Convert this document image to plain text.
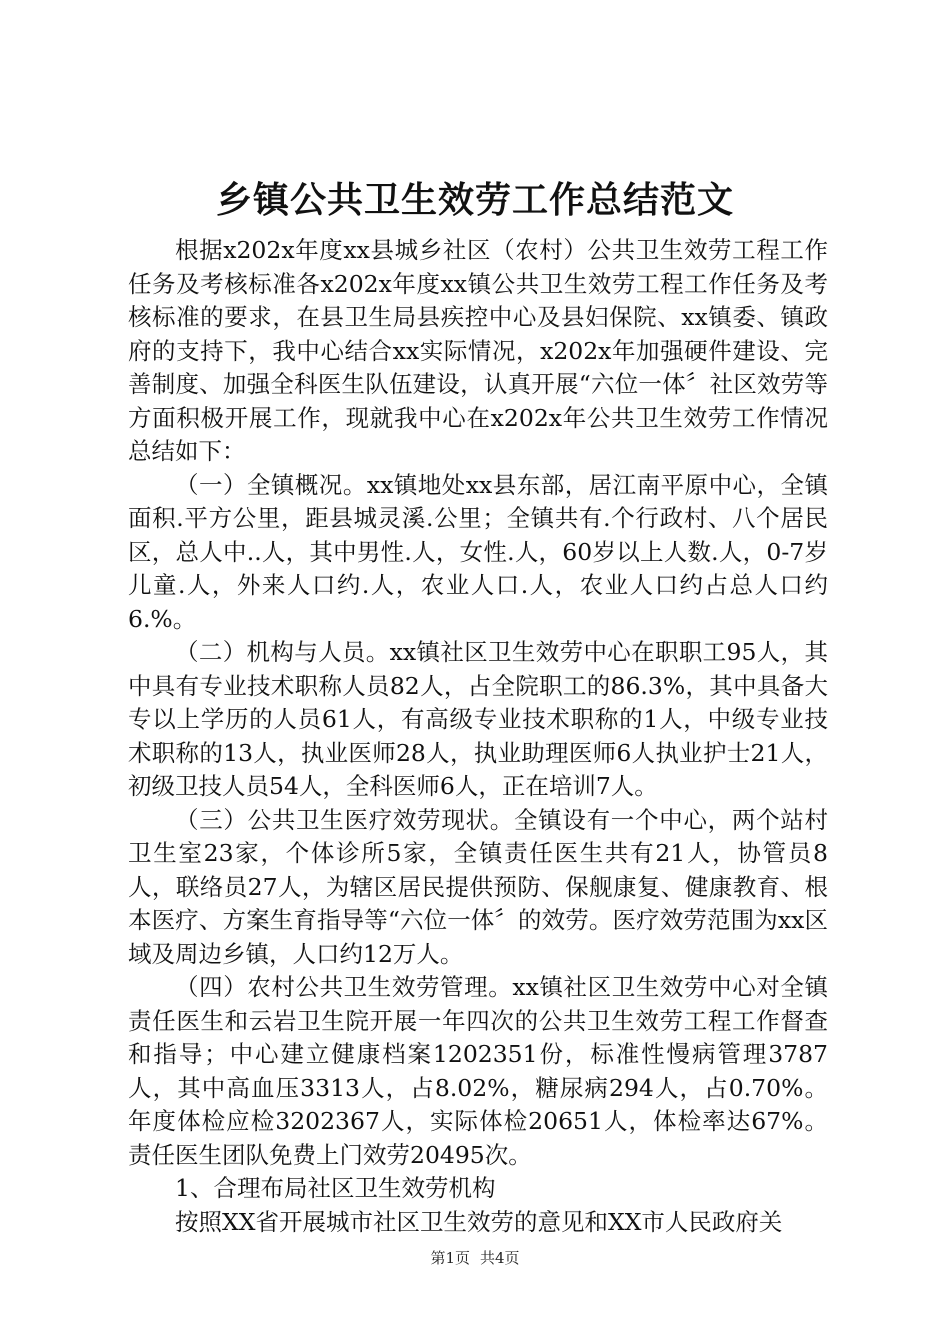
乡镇公共卫生效劳工作总结范文

根据x202x年度xx县城乡社区（农村）公共卫生效劳工程工作任务及考核标准各x202x年度xx镇公共卫生效劳工程工作任务及考核标准的要求，在县卫生局县疾控中心及县妇保院、xx镇委、镇政府的支持下，我中心结合xx实际情况，x202x年加强硬件建设、完善制度、加强全科医生队伍建设，认真开展“六位一体〞社区效劳等方面积极开展工作，现就我中心在x202x年公共卫生效劳工作情况总结如下：

（一）全镇概况。xx镇地处xx县东部，居江南平原中心，全镇面积.平方公里，距县城灵溪.公里；全镇共有.个行政村、八个居民区，总人中..人，其中男性.人，女性.人，60岁以上人数.人，0-7岁儿童.人，外来人口约.人，农业人口.人，农业人口约占总人口约6.%。

（二）机构与人员。xx镇社区卫生效劳中心在职职工95人，其中具有专业技术职称人员82人，占全院职工的86.3%，其中具备大专以上学历的人员61人，有高级专业技术职称的1人，中级专业技术职称的13人，执业医师28人，执业助理医师6人执业护士21人，初级卫技人员54人，全科医师6人，正在培训7人。

（三）公共卫生医疗效劳现状。全镇设有一个中心，两个站村卫生室23家，个体诊所5家，全镇责任医生共有21人，协管员8人，联络员27人，为辖区居民提供预防、保舰康复、健康教育、根本医疗、方案生育指导等“六位一体〞的效劳。医疗效劳范围为xx区域及周边乡镇，人口约12万人。

（四）农村公共卫生效劳管理。xx镇社区卫生效劳中心对全镇责任医生和云岩卫生院开展一年四次的公共卫生效劳工程工作督查和指导；中心建立健康档案1202351份，标准性慢病管理3787人，其中高血压3313人，占8.02%，糖尿病294人，占0.70%。年度体检应检3202367人，实际体检20651人，体检率达67%。责任医生团队免费上门效劳20495次。

1、合理布局社区卫生效劳机构

按照XX省开展城市社区卫生效劳的意见和XX市人民政府关

第1页 共4页
